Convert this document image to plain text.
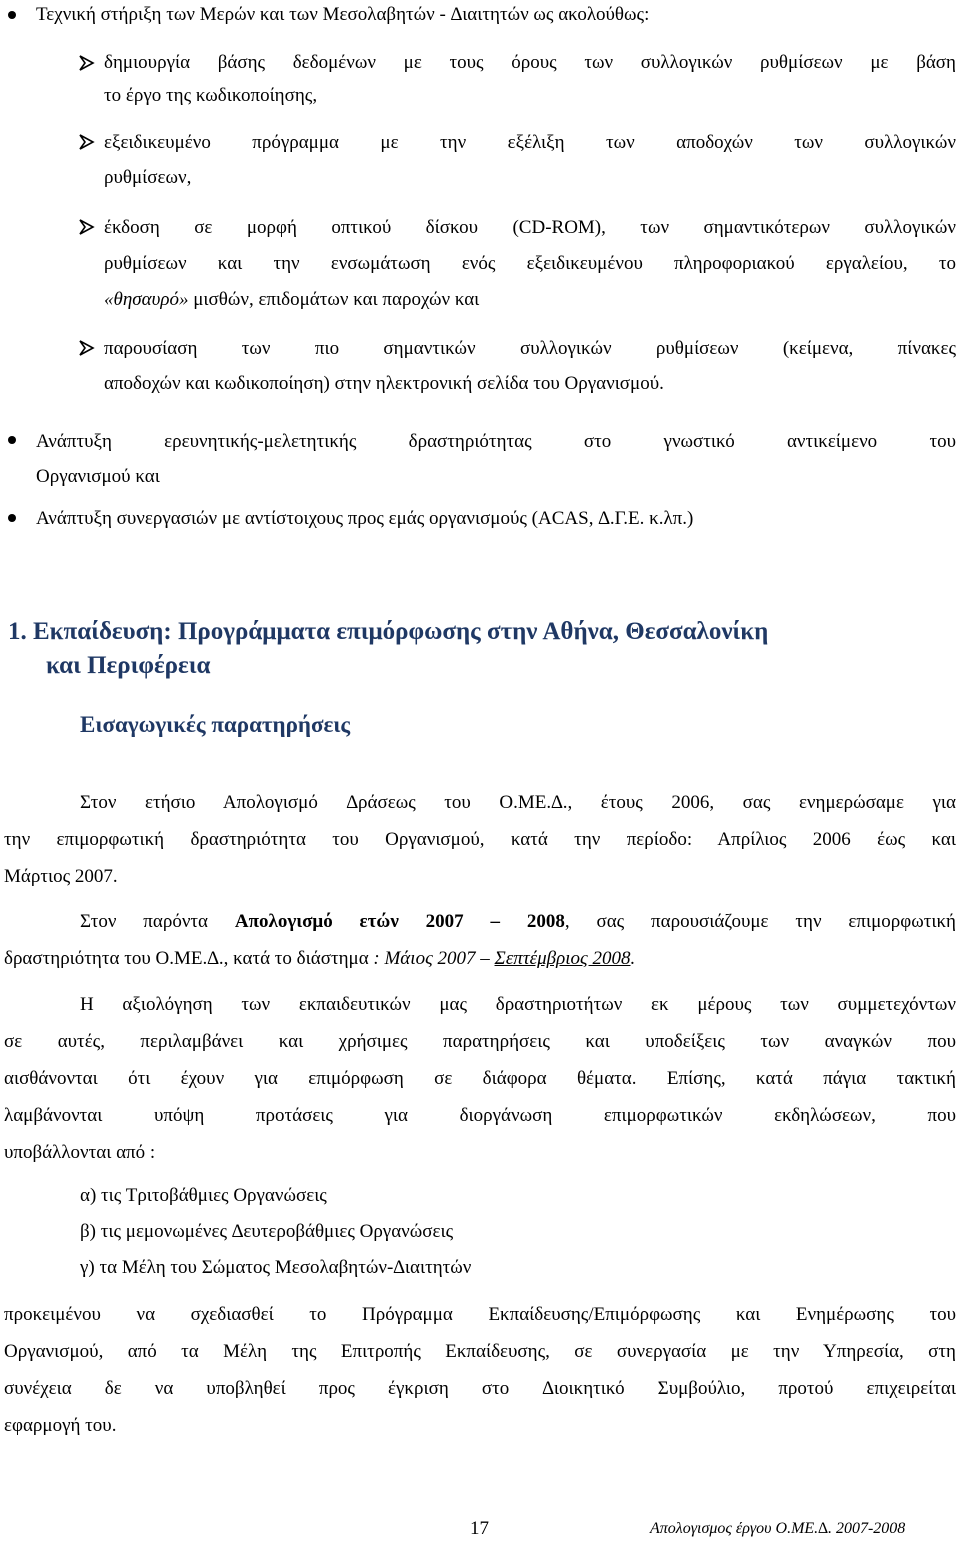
Τεχνική στήριξη των Μερών και των Μεσολαβητών - ∆ιαιτητών ως ακολούθως:
δημιουργία βάσης δεδομένων με τους όρους των συλλογικών ρυθμίσεων με βάση
το έργο της κωδικοποίησης,
εξειδικευμένο πρόγραμμα με την εξέλιξη των αποδοχών των συλλογικών
ρυθμίσεων,
έκδοση σε μορφή οπτικού δίσκου (CD-ROM), των σημαντικότερων συλλογικών
ρυθμίσεων και την ενσωμάτωση ενός εξειδικευμένου πληροφοριακού εργαλείου, το
«θησαυρό» μισθών, επιδομάτων και παροχών και
παρουσίαση των πιο σημαντικών συλλογικών ρυθμίσεων (κείμενα, πίνακες
αποδοχών και κωδικοποίηση) στην ηλεκτρονική σελίδα του Οργανισμού.
Ανάπτυξη ερευνητικής-μελετητικής δραστηριότητας στο γνωστικό αντικείμενο του
Οργανισμού και
Ανάπτυξη συνεργασιών με αντίστοιχους προς εμάς οργανισμούς (ACAS, ∆.Γ.Ε. κ.λπ.)
1. Εκπαίδευση: Προγράμματα επιμόρφωσης στην Αθήνα, Θεσσαλονίκη
και Περιφέρεια
Εισαγωγικές παρατηρήσεις
Στον ετήσιο Απολογισμό ∆ράσεως του Ο.ΜΕ.∆., έτους 2006, σας ενημερώσαμε για
την επιμορφωτική δραστηριότητα του Οργανισμού, κατά την περίοδο: Απρίλιος 2006 έως και
Μάρτιος 2007.
Στον παρόντα Απολογισμό ετών 2007 – 2008, σας παρουσιάζουμε την επιμορφωτική
δραστηριότητα του Ο.ΜΕ.∆., κατά το διάστημα : Μάιος 2007 – Σεπτέμβριος 2008.
Η αξιολόγηση των εκπαιδευτικών μας δραστηριοτήτων εκ μέρους των συμμετεχόντων
σε αυτές, περιλαμβάνει και χρήσιμες παρατηρήσεις και υποδείξεις των αναγκών που
αισθάνονται ότι έχουν για επιμόρφωση σε διάφορα θέματα. Επίσης, κατά πάγια τακτική
λαμβάνονται υπόψη προτάσεις για διοργάνωση επιμορφωτικών εκδηλώσεων, που
υποβάλλονται από :
α) τις Τριτοβάθμιες Οργανώσεις
β) τις μεμονωμένες ∆ευτεροβάθμιες Οργανώσεις
γ) τα Μέλη του Σώματος Μεσολαβητών-∆ιαιτητών
προκειμένου να σχεδιασθεί το Πρόγραμμα Εκπαίδευσης/Επιμόρφωσης και Ενημέρωσης του
Οργανισμού, από τα Μέλη της Επιτροπής Εκπαίδευσης, σε συνεργασία με την Υπηρεσία, στη
συνέχεια δε να υποβληθεί προς έγκριση στο ∆ιοικητικό Συμβούλιο, προτού επιχειρείται
εφαρμογή του.
17	Απολογισμος έργου Ο.ΜΕ.∆. 2007-2008
